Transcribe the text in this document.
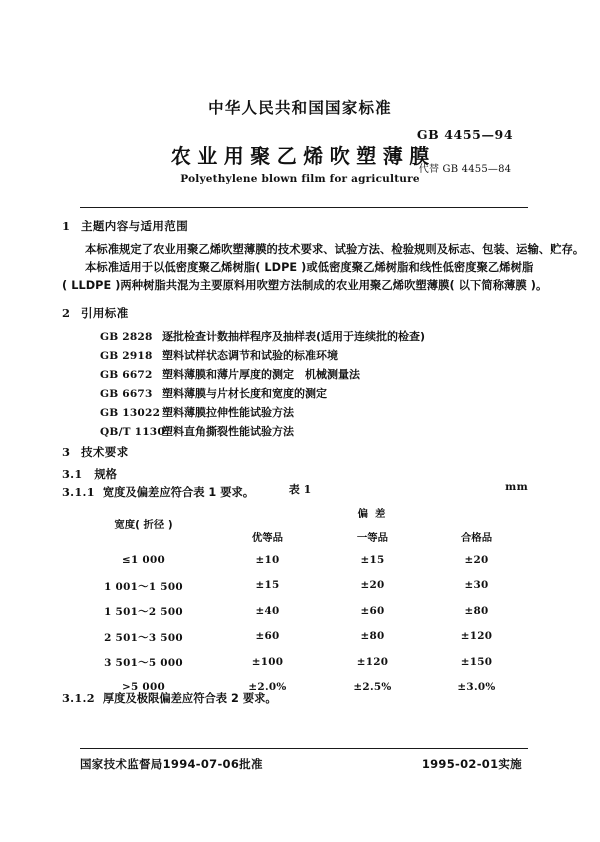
中华人民共和国国家标准
农业用聚乙烯吹塑薄膜
Polyethylene blown film for agriculture
GB 4455—94
代替 GB 4455—84
1 主题内容与适用范围
本标准规定了农业用聚乙烯吹塑薄膜的技术要求、试验方法、检验规则及标志、包装、运输、贮存。
本标准适用于以低密度聚乙烯树脂( LDPE )或低密度聚乙烯树脂和线性低密度聚乙烯树脂
( LLDPE )两种树脂共混为主要原料用吹塑方法制成的农业用聚乙烯吹塑薄膜( 以下简称薄膜 )。
2 引用标准
GB 2828 逐批检查计数抽样程序及抽样表(适用于连续批的检查)
GB 2918 塑料试样状态调节和试验的标准环境
GB 6672 塑料薄膜和薄片厚度的测定　机械测量法
GB 6673 塑料薄膜与片材长度和宽度的测定
GB 13022 塑料薄膜拉伸性能试验方法
QB/T 1130塑料直角撕裂性能试验方法
3 技术要求
3.1 规格
3.1.1 宽度及偏差应符合表 1 要求。	表 1	mm
宽度( 折径 )	偏差		
	优等品	一等品	合格品
≤1 000	±10	±15	±20
1 001～1 500	±15	±20	±30
1 501～2 500	±40	±60	±80
2 501～3 500	±60	±80	±120
3 501～5 000	±100	±120	±150
>5 000	±2.0%	±2.5%	±3.0%
3.1.2 厚度及极限偏差应符合表 2 要求。
国家技术监督局1994-07-06批准	1995-02-01实施
